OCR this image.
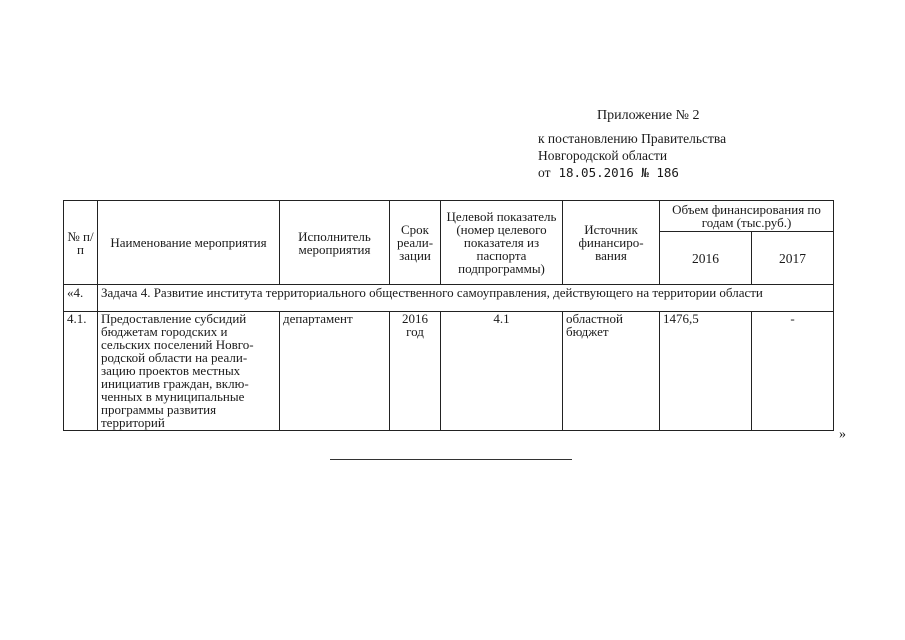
Приложение № 2
к постановлению Правительства
Новгородской области
от 18.05.2016 № 186
№ п/п	Наименование мероприятия	Исполнитель мероприятия	Срок реали-зации	Целевой показатель (номер целевого показателя из паспорта подпрограммы)	Источник финансиро-вания	Объем финансирования по годам (тыс.руб.)	
						2016	2017
«4.	Задача 4. Развитие института территориального общественного самоуправления, действующего на территории области						
4.1.	Предоставление субсидий бюджетам городских и сельских поселений Новго-родской области на реали-зацию проектов местных инициатив граждан, вклю-ченных в муниципальные программы развития территорий	департамент	2016 год	4.1	областной бюджет	1476,5	-
»
